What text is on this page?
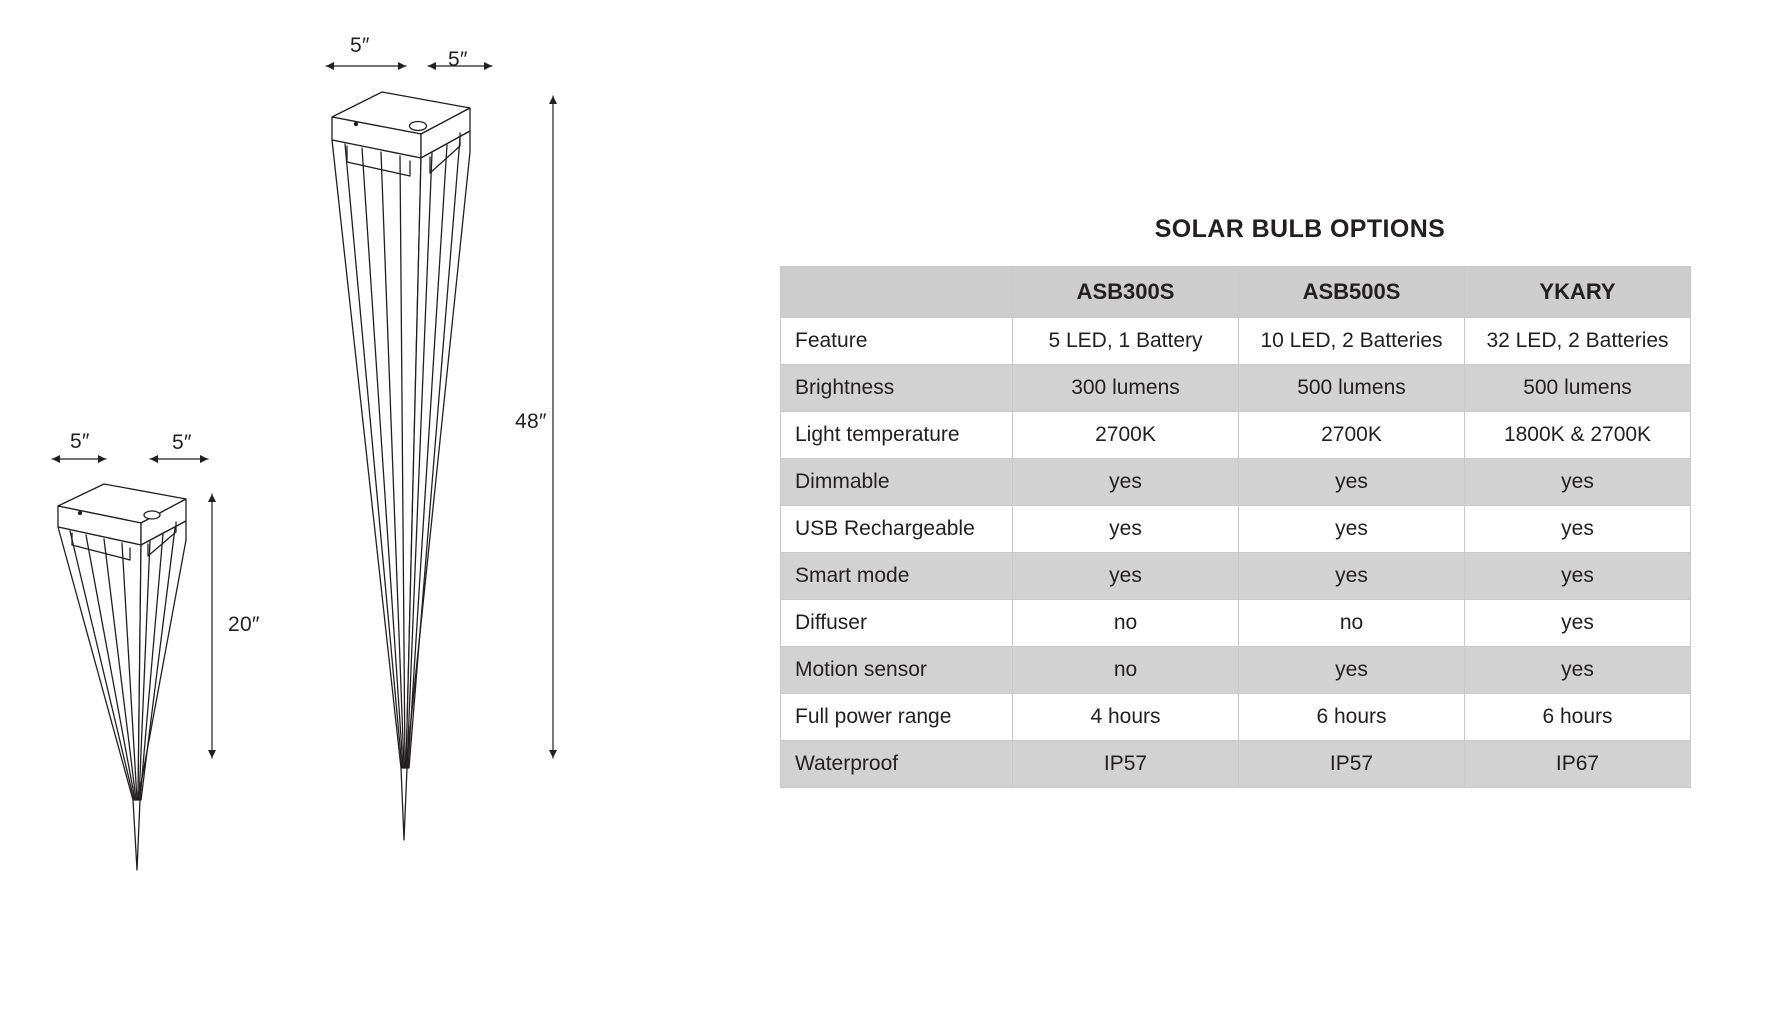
5″	5″
20″
5″
5″
48″
SOLAR BULB OPTIONS
	ASB300S	ASB500S	YKARY
Feature	5 LED, 1 Battery	10 LED, 2 Batteries	32 LED, 2 Batteries
Brightness	300 lumens	500 lumens	500 lumens
Light temperature	2700K	2700K	1800K & 2700K
Dimmable	yes	yes	yes
USB Rechargeable	yes	yes	yes
Smart mode	yes	yes	yes
Diffuser	no	no	yes
Motion sensor	no	yes	yes
Full power range	4 hours	6 hours	6 hours
Waterproof	IP57	IP57	IP67
